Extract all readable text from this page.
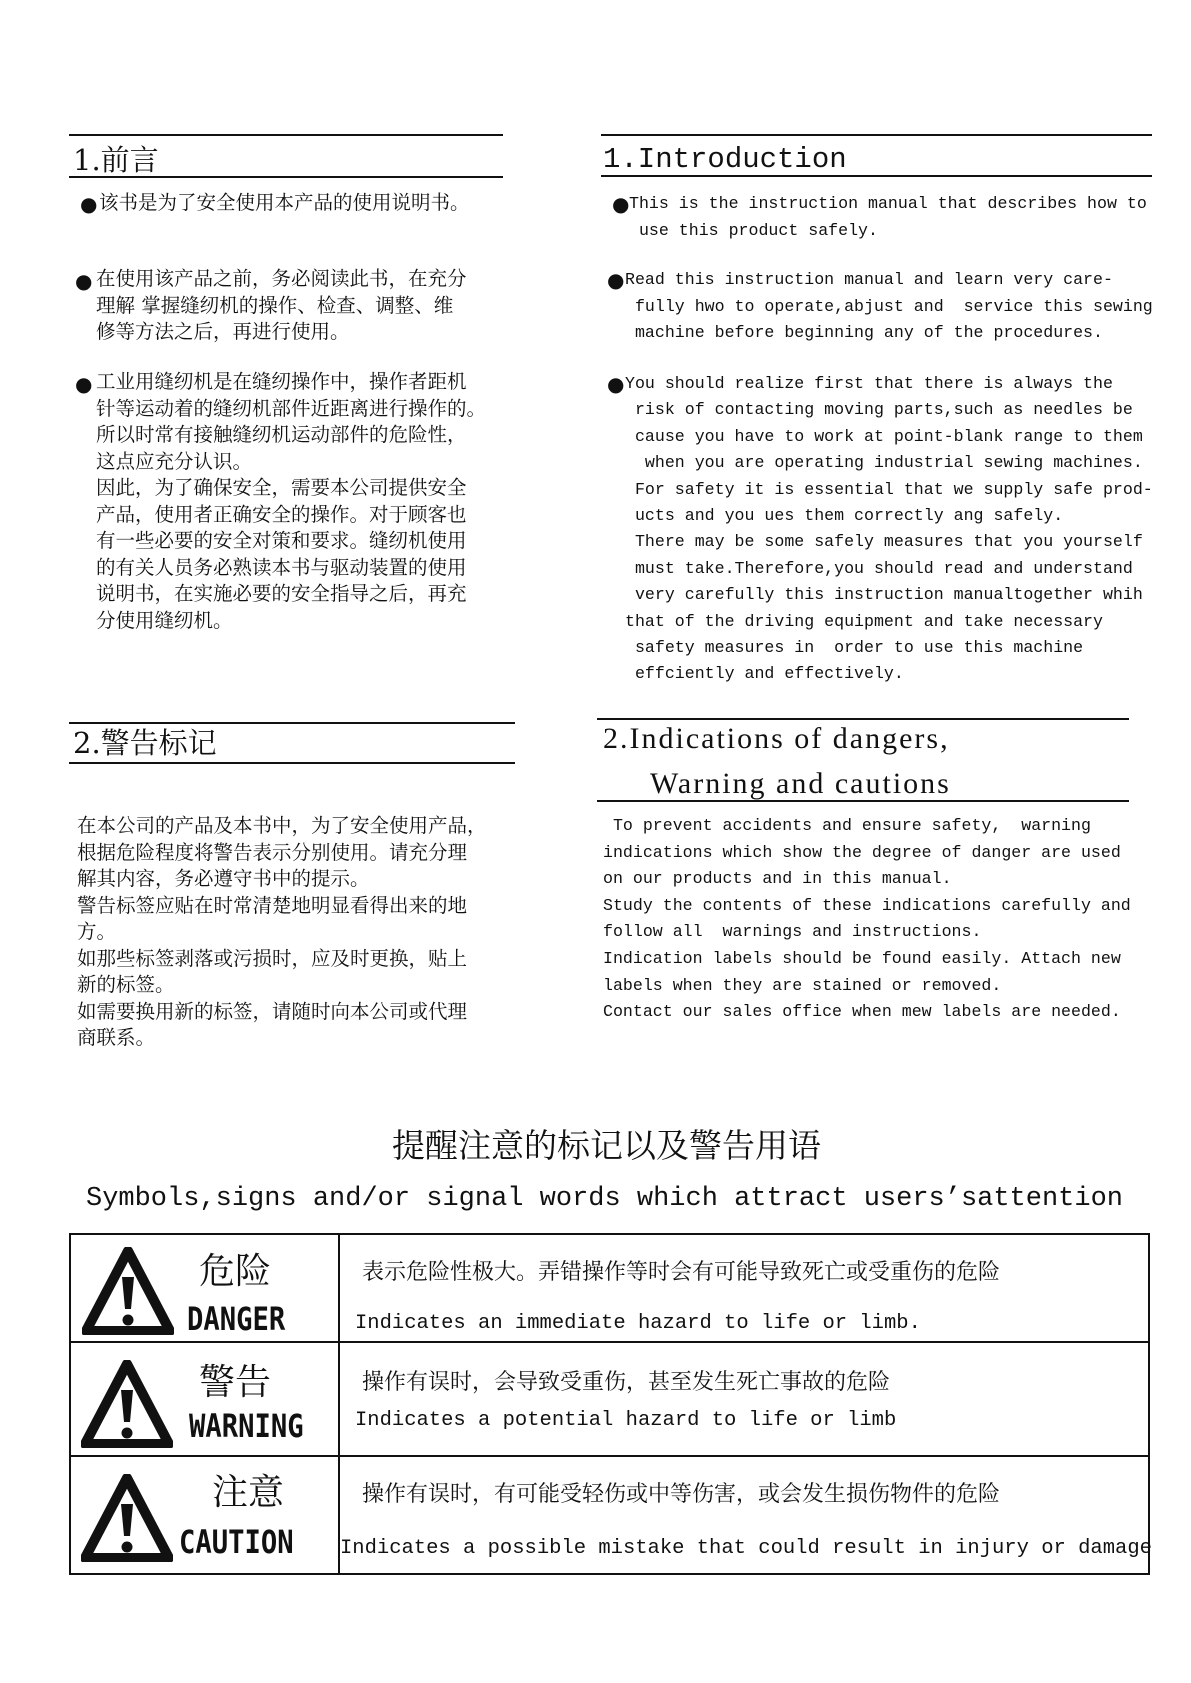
1.前言
● 该书是为了安全使用本产品的使用说明书。
● 在使用该产品之前，务必阅读此书，在充分
理解 掌握缝纫机的操作、检查、调整、维
修等方法之后，再进行使用。
● 工业用缝纫机是在缝纫操作中，操作者距机
针等运动着的缝纫机部件近距离进行操作的。
所以时常有接触缝纫机运动部件的危险性，
这点应充分认识。
因此，为了确保安全，需要本公司提供安全
产品，使用者正确安全的操作。对于顾客也
有一些必要的安全对策和要求。缝纫机使用
的有关人员务必熟读本书与驱动装置的使用
说明书，在实施必要的安全指导之后，再充
分使用缝纫机。
2.警告标记
在本公司的产品及本书中，为了安全使用产品，
根据危险程度将警告表示分别使用。请充分理
解其内容，务必遵守书中的提示。
警告标签应贴在时常清楚地明显看得出来的地
方。
如那些标签剥落或污损时，应及时更换，贴上
新的标签。
如需要换用新的标签，请随时向本公司或代理
商联系。
1.Introduction
● This is the instruction manual that describes how to
use this product safely.
● Read this instruction manual and learn very care-
fully hwo to operate,abjust and  service this sewing
machine before beginning any of the procedures.
● You should realize first that there is always the
risk of contacting moving parts,such as needles be
cause you have to work at point-blank range to them
when you are operating industrial sewing machines.
For safety it is essential that we supply safe prod-
ucts and you ues them correctly ang safely.
There may be some safely measures that you yourself
must take.Therefore,you should read and understand
very carefully this instruction manualtogether whih
that of the driving equipment and take necessary
safety measures in  order to use this machine
effciently and effectively.
2.Indications of dangers,
Warning and cautions
To prevent accidents and ensure safety,  warning
indications which show the degree of danger are used
on our products and in this manual.
Study the contents of these indications carefully and
follow all  warnings and instructions.
Indication labels should be found easily. Attach new
labels when they are stained or removed.
Contact our sales office when mew labels are needed.
提醒注意的标记以及警告用语
Symbols,signs and/or signal words which attract users’sattention
危险
DANGER	表示危险性极大。弄错操作等时会有可能导致死亡或受重伤的危险
Indicates an immediate hazard to life or limb.

警告
WARNING	操作有误时，会导致受重伤，甚至发生死亡事故的危险
Indicates a potential hazard to life or limb

注意
CAUTION	操作有误时，有可能受轻伤或中等伤害，或会发生损伤物件的危险
Indicates a possible mistake that could result in injury or damage
